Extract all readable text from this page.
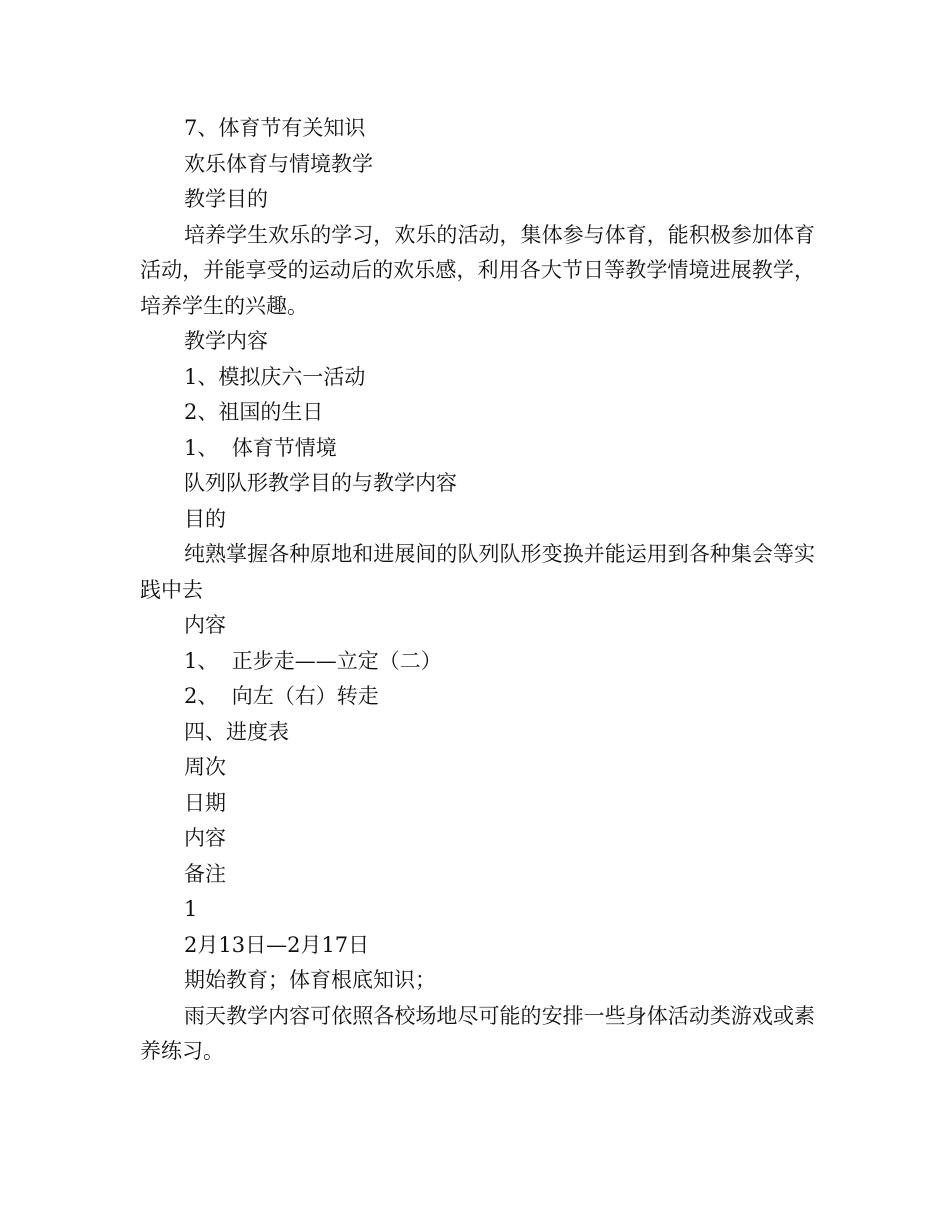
7、体育节有关知识

欢乐体育与情境教学

教学目的

培养学生欢乐的学习，欢乐的活动，集体参与体育，能积极参加体育活动，并能享受的运动后的欢乐感，利用各大节日等教学情境进展教学，培养学生的兴趣。

教学内容

1、模拟庆六一活动

2、祖国的生日

1、  体育节情境

队列队形教学目的与教学内容

目的

纯熟掌握各种原地和进展间的队列队形变换并能运用到各种集会等实践中去

内容

1、  正步走——立定（二）

2、  向左（右）转走

四、进度表

周次

日期

内容

备注

1

2月13日—2月17日

期始教育；体育根底知识；

雨天教学内容可依照各校场地尽可能的安排一些身体活动类游戏或素养练习。
